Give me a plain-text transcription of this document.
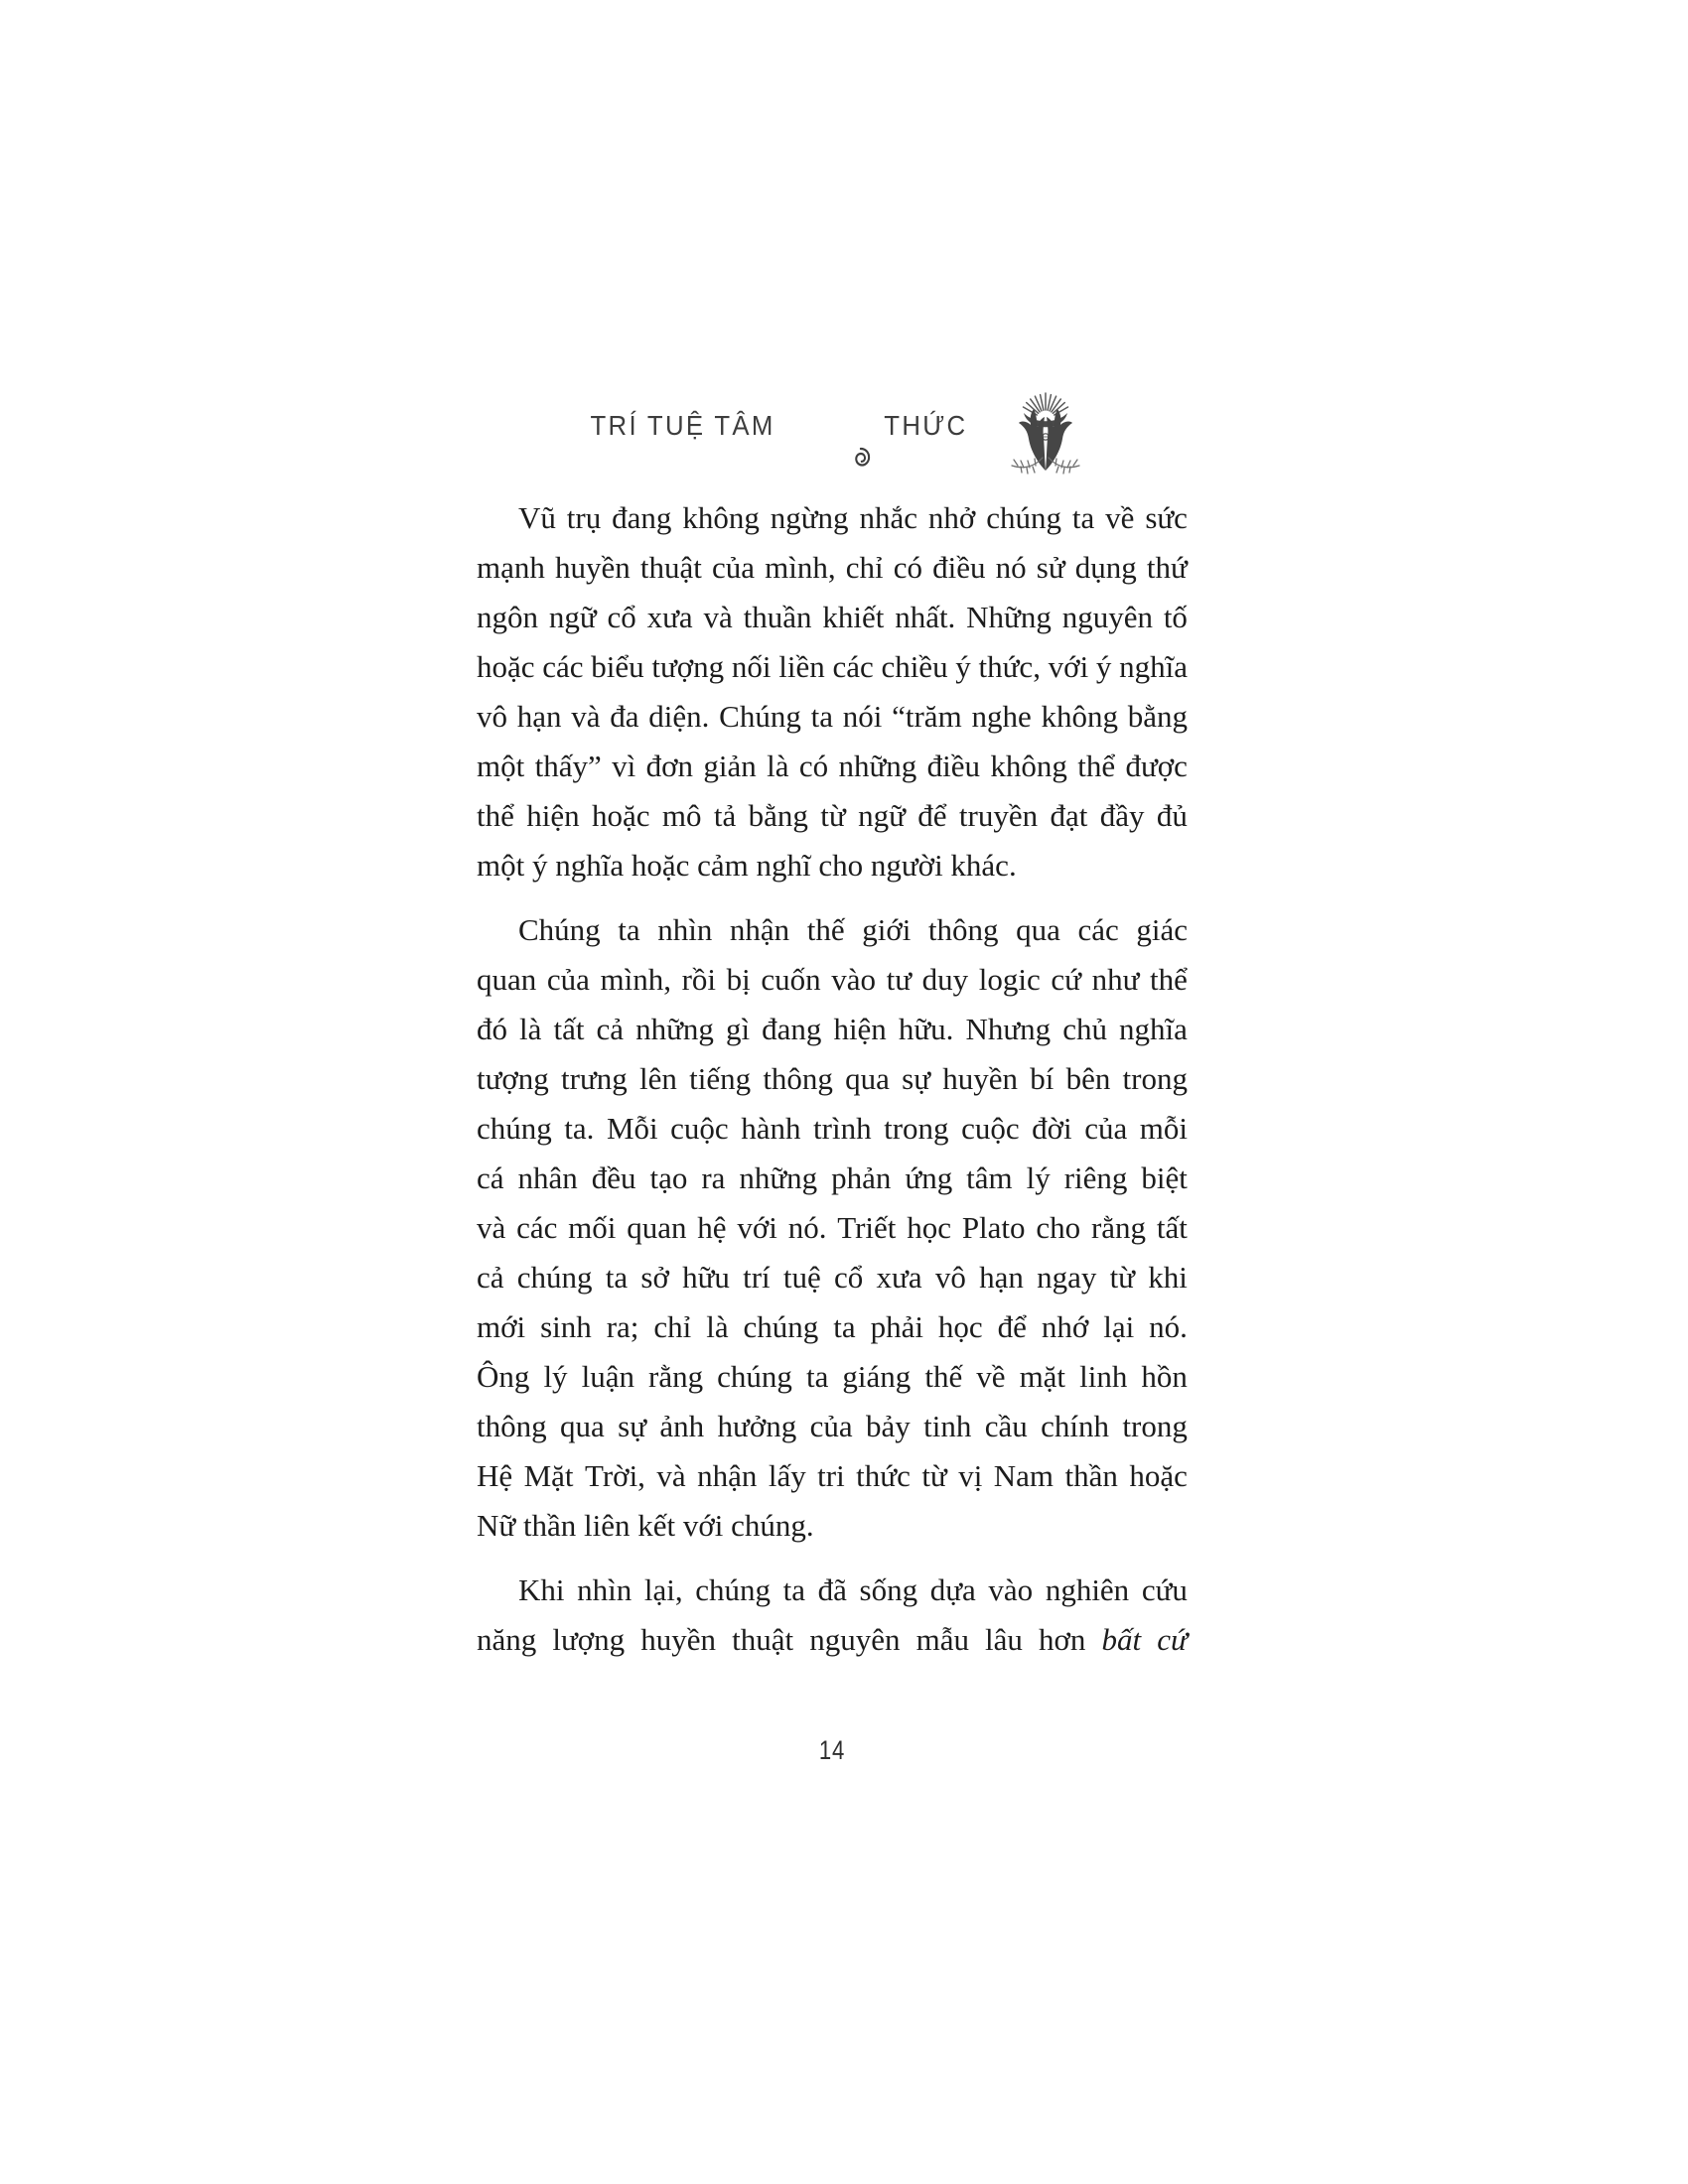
TRÍ TUỆ TÂM

	THỨC
Vũ trụ đang không ngừng nhắc nhở chúng ta về sức
mạnh huyền thuật của mình, chỉ có điều nó sử dụng thứ
ngôn ngữ cổ xưa và thuần khiết nhất. Những nguyên tố
hoặc các biểu tượng nối liền các chiều ý thức, với ý nghĩa
vô hạn và đa diện. Chúng ta nói “trăm nghe không bằng
một thấy” vì đơn giản là có những điều không thể được
thể hiện hoặc mô tả bằng từ ngữ để truyền đạt đầy đủ
một ý nghĩa hoặc cảm nghĩ cho người khác.
Chúng ta nhìn nhận thế giới thông qua các giác
quan của mình, rồi bị cuốn vào tư duy logic cứ như thể
đó là tất cả những gì đang hiện hữu. Nhưng chủ nghĩa
tượng trưng lên tiếng thông qua sự huyền bí bên trong
chúng ta. Mỗi cuộc hành trình trong cuộc đời của mỗi
cá nhân đều tạo ra những phản ứng tâm lý riêng biệt
và các mối quan hệ với nó. Triết học Plato cho rằng tất
cả chúng ta sở hữu trí tuệ cổ xưa vô hạn ngay từ khi
mới sinh ra; chỉ là chúng ta phải học để nhớ lại nó.
Ông lý luận rằng chúng ta giáng thế về mặt linh hồn
thông qua sự ảnh hưởng của bảy tinh cầu chính trong
Hệ Mặt Trời, và nhận lấy tri thức từ vị Nam thần hoặc
Nữ thần liên kết với chúng.
Khi nhìn lại, chúng ta đã sống dựa vào nghiên cứu
năng lượng huyền thuật nguyên mẫu lâu hơn bất cứ
14
